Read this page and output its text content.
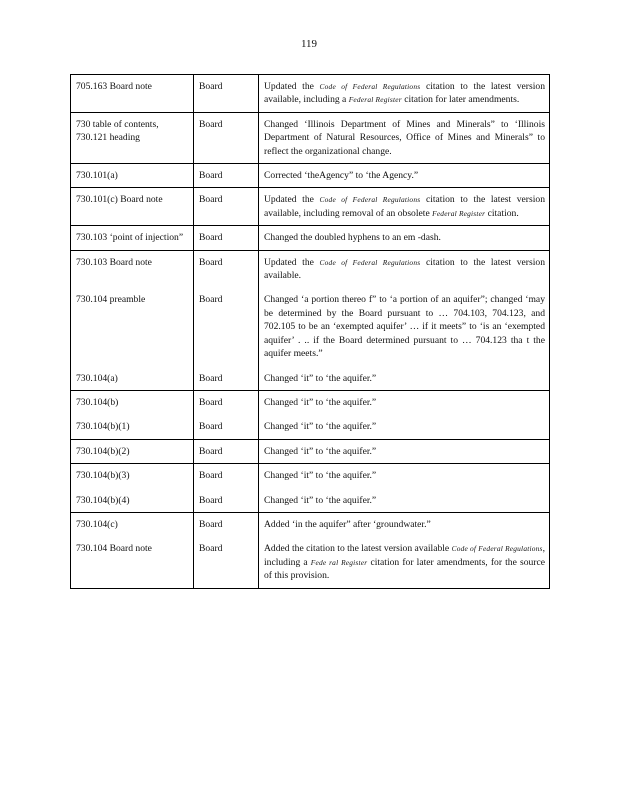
119
705.163 Board note	Board	Updated the Code of Federal Regulations citation to the latest version available, including a Federal Register citation for later amendments.
730 table of contents, 730.121 heading	Board	Changed ‘Illinois Department of Mines and Minerals” to ‘Illinois Department of Natural Resources, Office of Mines and Minerals” to reflect the organizational change.
730.101(a)	Board	Corrected ‘theAgency” to ‘the Agency.”
730.101(c) Board note	Board	Updated the Code of Federal Regulations citation to the latest version available, including removal of an obsolete Federal Register citation.
730.103 ‘point of injection”	Board	Changed the doubled hyphens to an em -dash.
730.103 Board note	Board	Updated the Code of Federal Regulations citation to the latest version available.
730.104 preamble	Board	Changed ‘a portion thereo f” to ‘a portion of an aquifer”; changed ‘may be determined by the Board pursuant to … 704.103, 704.123, and 702.105 to be an ‘exempted aquifer’ … if it meets” to ‘is an ‘exempted aquifer’ . .. if the Board determined pursuant to … 704.123 tha t the aquifer meets.”
730.104(a)	Board	Changed ‘it” to ‘the aquifer.”
730.104(b)	Board	Changed ‘it” to ‘the aquifer.”
730.104(b)(1)	Board	Changed ‘it” to ‘the aquifer.”
730.104(b)(2)	Board	Changed ‘it” to ‘the aquifer.”
730.104(b)(3)	Board	Changed ‘it” to ‘the aquifer.”
730.104(b)(4)	Board	Changed ‘it” to ‘the aquifer.”
730.104(c)	Board	Added ‘in the aquifer” after ‘groundwater.”
730.104 Board note	Board	Added the citation to the latest version available Code of Federal Regulations, including a Fede ral Register citation for later amendments, for the source of this provision.
